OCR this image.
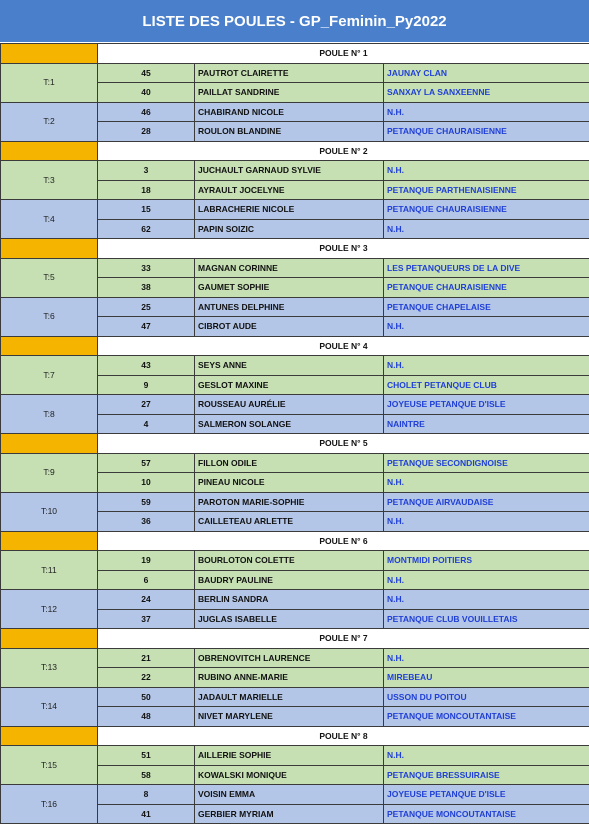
LISTE DES POULES - GP_Feminin_Py2022
	POULE N° 1		
T:1	45	PAUTROT CLAIRETTE	JAUNAY CLAN
	40	PAILLAT SANDRINE	SANXAY LA SANXEENNE
T:2	46	CHABIRAND NICOLE	N.H.
	28	ROULON BLANDINE	PETANQUE CHAURAISIENNE
	POULE N° 2		
T:3	3	JUCHAULT GARNAUD SYLVIE	N.H.
	18	AYRAULT JOCELYNE	PETANQUE PARTHENAISIENNE
T:4	15	LABRACHERIE NICOLE	PETANQUE CHAURAISIENNE
	62	PAPIN SOIZIC	N.H.
	POULE N° 3		
T:5	33	MAGNAN CORINNE	LES PETANQUEURS DE LA DIVE
	38	GAUMET SOPHIE	PETANQUE CHAURAISIENNE
T:6	25	ANTUNES DELPHINE	PETANQUE CHAPELAISE
	47	CIBROT AUDE	N.H.
	POULE N° 4		
T:7	43	SEYS ANNE	N.H.
	9	GESLOT MAXINE	CHOLET PETANQUE CLUB
T:8	27	ROUSSEAU AURÉLIE	JOYEUSE PETANQUE D'ISLE
	4	SALMERON SOLANGE	NAINTRE
	POULE N° 5		
T:9	57	FILLON ODILE	PETANQUE SECONDIGNOISE
	10	PINEAU NICOLE	N.H.
T:10	59	PAROTON MARIE-SOPHIE	PETANQUE AIRVAUDAISE
	36	CAILLETEAU ARLETTE	N.H.
	POULE N° 6		
T:11	19	BOURLOTON COLETTE	MONTMIDI POITIERS
	6	BAUDRY PAULINE	N.H.
T:12	24	BERLIN SANDRA	N.H.
	37	JUGLAS ISABELLE	PETANQUE CLUB VOUILLETAIS
	POULE N° 7		
T:13	21	OBRENOVITCH LAURENCE	N.H.
	22	RUBINO ANNE-MARIE	MIREBEAU
T:14	50	JADAULT MARIELLE	USSON DU POITOU
	48	NIVET MARYLENE	PETANQUE MONCOUTANTAISE
	POULE N° 8		
T:15	51	AILLERIE SOPHIE	N.H.
	58	KOWALSKI MONIQUE	PETANQUE BRESSUIRAISE
T:16	8	VOISIN EMMA	JOYEUSE PETANQUE D'ISLE
	41	GERBIER MYRIAM	PETANQUE MONCOUTANTAISE
